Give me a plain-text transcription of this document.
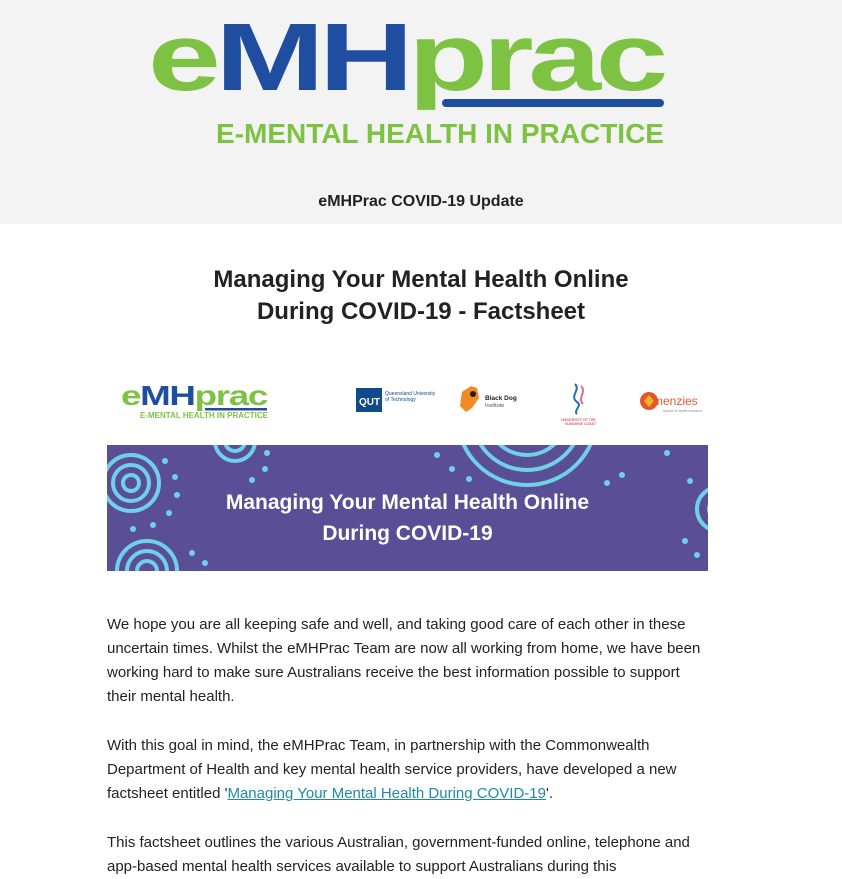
e MH prac
E-MENTAL HEALTH IN PRACTICE
eMHPrac COVID-19 Update
Managing Your Mental Health Online
During COVID-19 - Factsheet
e MH prac
E-MENTAL HEALTH IN PRACTICE
QUT
Queensland University
of Technology	Black Dog
Institute
UNIVERSITY OF THE
SUNSHINE COAST
menzies
school of health research
Managing Your Mental Health Online
During COVID-19

We hope you are all keeping safe and well, and taking good care of each other in these uncertain times. Whilst the eMHPrac Team are now all working from home, we have been working hard to make sure Australians receive the best information possible to support their mental health.

With this goal in mind, the eMHPrac Team, in partnership with the Commonwealth Department of Health and key mental health service providers, have developed a new factsheet entitled 'Managing Your Mental Health During COVID-19'.

This factsheet outlines the various Australian, government-funded online, telephone and app-based mental health services available to support Australians during this
